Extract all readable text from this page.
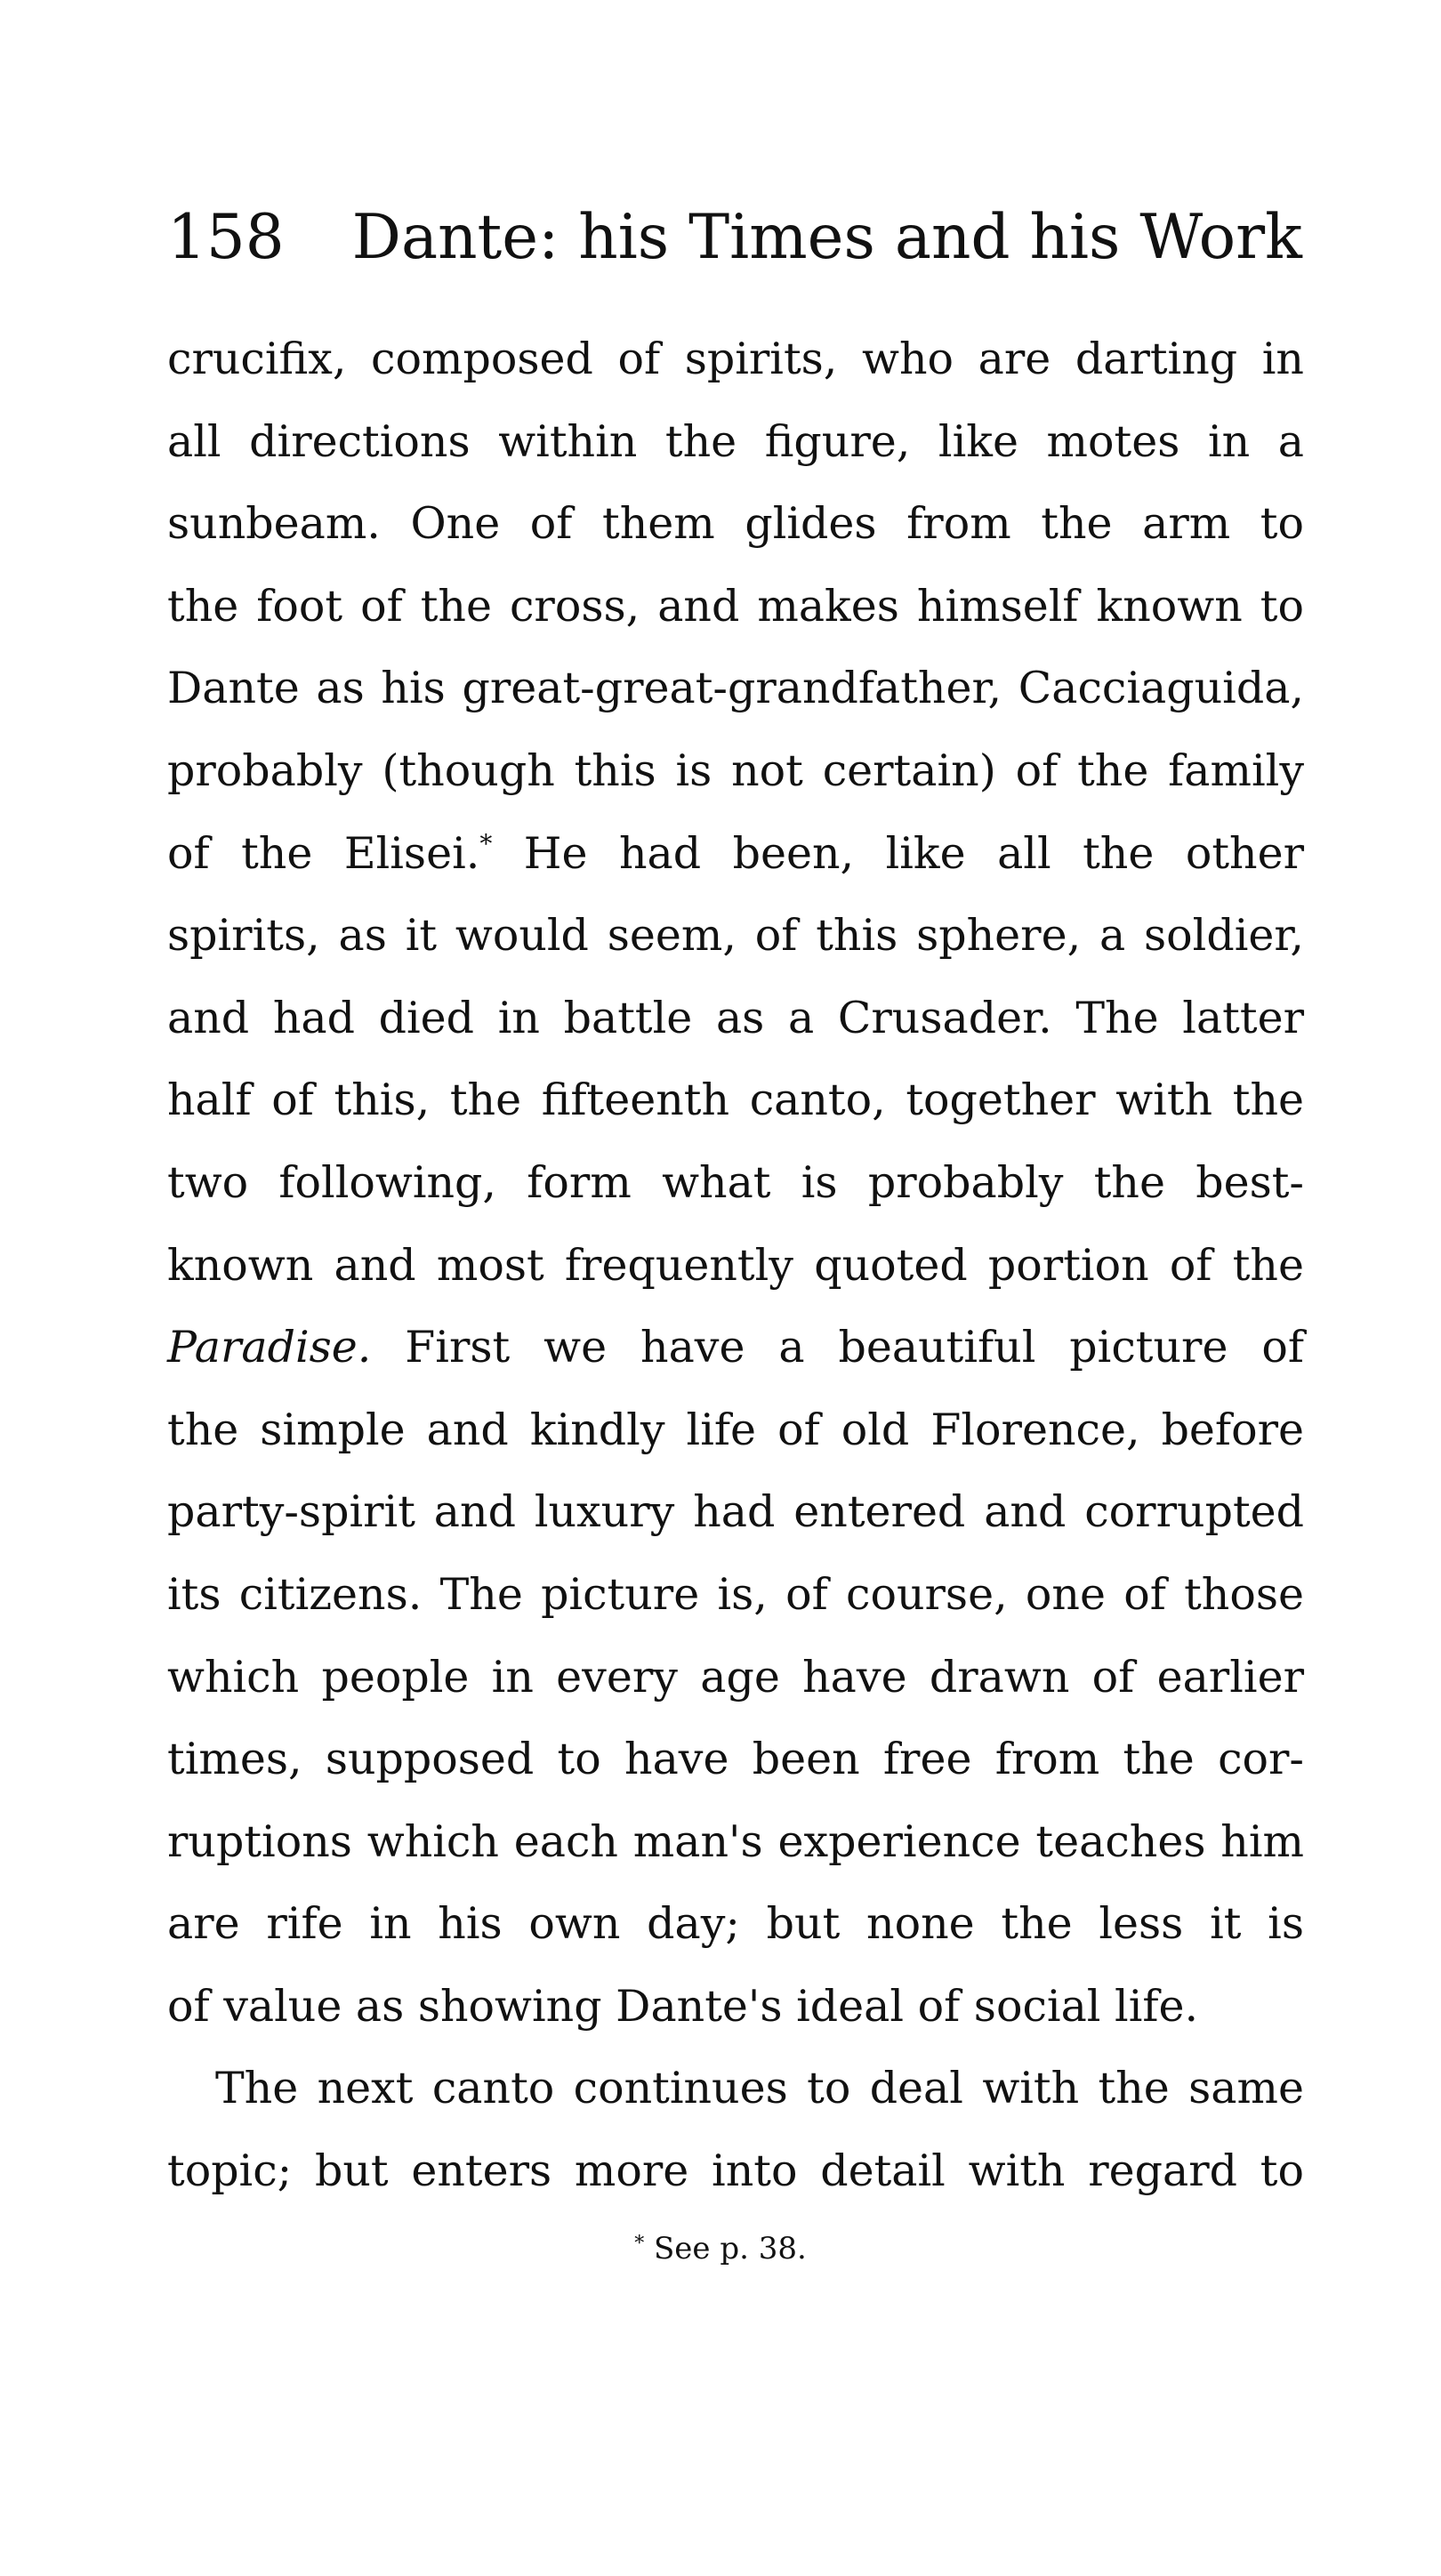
158 Dante: his Times and his Work
crucifix, composed of spirits, who are darting in
all directions within the figure, like motes in a
sunbeam. One of them glides from the arm to
the foot of the cross, and makes himself known to
Dante as his great-great-grandfather, Cacciaguida,
probably (though this is not certain) of the family
of the Elisei.* He had been, like all the other
spirits, as it would seem, of this sphere, a soldier,
and had died in battle as a Crusader. The latter
half of this, the fifteenth canto, together with the
two following, form what is probably the best-
known and most frequently quoted portion of the
Paradise. First we have a beautiful picture of
the simple and kindly life of old Florence, before
party-spirit and luxury had entered and corrupted
its citizens. The picture is, of course, one of those
which people in every age have drawn of earlier
times, supposed to have been free from the cor-
ruptions which each man's experience teaches him
are rife in his own day; but none the less it is
of value as showing Dante's ideal of social life.
The next canto continues to deal with the same
topic; but enters more into detail with regard to
* See p. 38.
